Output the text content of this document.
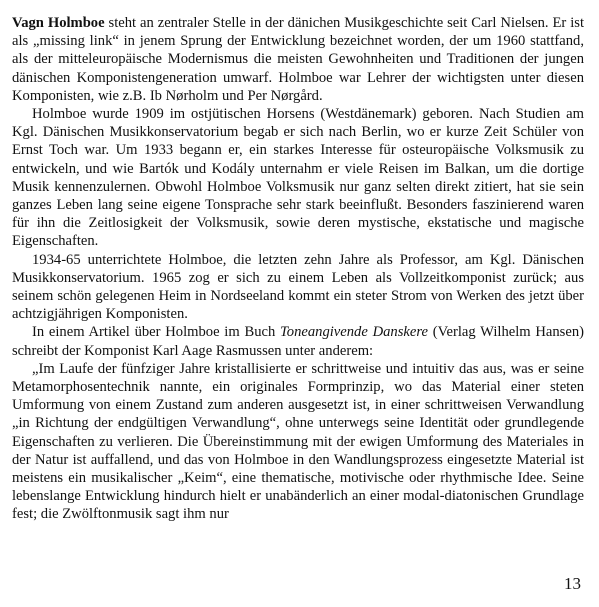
Vagn Holmboe steht an zentraler Stelle in der dänichen Musikgeschichte seit Carl Nielsen. Er ist als „missing link“ in jenem Sprung der Entwicklung bezeichnet worden, der um 1960 stattfand, als der mitteleuropäische Modernismus die meisten Gewohnheiten und Traditionen der jungen dänischen Komponistengeneration umwarf. Holmboe war Lehrer der wichtigsten unter diesen Komponisten, wie z.B. Ib Nørholm und Per Nørgård.

Holmboe wurde 1909 im ostjütischen Horsens (Westdänemark) geboren. Nach Studien am Kgl. Dänischen Musikkonservatorium begab er sich nach Berlin, wo er kurze Zeit Schüler von Ernst Toch war. Um 1933 begann er, ein starkes Interesse für osteuropäische Volksmusik zu entwickeln, und wie Bartók und Kodály unternahm er viele Reisen im Balkan, um die dortige Musik kennenzulernen. Obwohl Holmboe Volksmusik nur ganz selten direkt zitiert, hat sie sein ganzes Leben lang seine eigene Tonsprache sehr stark beeinflußt. Besonders faszinierend waren für ihn die Zeitlosigkeit der Volksmusik, sowie deren mystische, ekstatische und magische Eigenschaften.

1934-65 unterrichtete Holmboe, die letzten zehn Jahre als Professor, am Kgl. Dänischen Musikkonservatorium. 1965 zog er sich zu einem Leben als Vollzeitkomponist zurück; aus seinem schön gelegenen Heim in Nordseeland kommt ein steter Strom von Werken des jetzt über achtzigjährigen Komponisten.

In einem Artikel über Holmboe im Buch Toneangivende Danskere (Verlag Wilhelm Hansen) schreibt der Komponist Karl Aage Rasmussen unter anderem:

„Im Laufe der fünfziger Jahre kristallisierte er schrittweise und intuitiv das aus, was er seine Metamorphosentechnik nannte, ein originales Formprinzip, wo das Material einer steten Umformung von einem Zustand zum anderen ausgesetzt ist, in einer schrittweisen Verwandlung „in Richtung der endgültigen Verwandlung“, ohne unterwegs seine Identität oder grundlegende Eigenschaften zu verlieren. Die Übereinstimmung mit der ewigen Umformung des Materiales in der Natur ist auffallend, und das von Holmboe in den Wandlungsprozess eingesetzte Material ist meistens ein musikalischer „Keim“, eine thematische, motivische oder rhythmische Idee. Seine lebenslange Entwicklung hindurch hielt er unabänderlich an einer modal-diatonischen Grundlage fest; die Zwölftonmusik sagt ihm nur

13
